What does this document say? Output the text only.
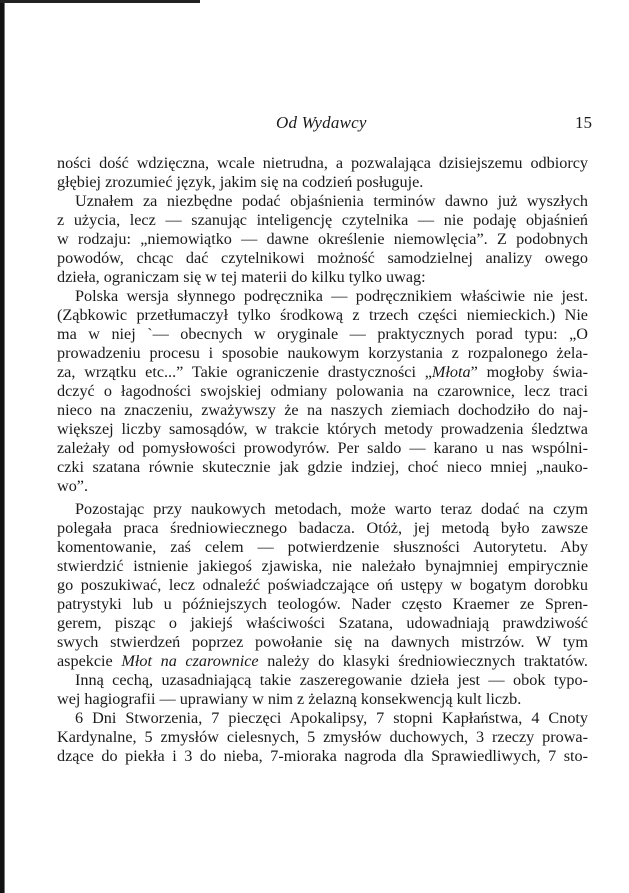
Od Wydawcy	15
ności dość wdzięczna, wcale nietrudna, a pozwalająca dzisiejszemu odbiorcy
głębiej zrozumieć język, jakim się na codzień posługuje.
Uznałem za niezbędne podać objaśnienia terminów dawno już wyszłych
z użycia, lecz — szanując inteligencję czytelnika — nie podaję objaśnień
w rodzaju: „niemowiątko — dawne określenie niemowlęcia”. Z podobnych
powodów, chcąc dać czytelnikowi możność samodzielnej analizy owego
dzieła, ograniczam się w tej materii do kilku tylko uwag:
Polska wersja słynnego podręcznika — podręcznikiem właściwie nie jest.
(Ząbkowic przetłumaczył tylko środkową z trzech części niemieckich.) Nie
ma w niej `— obecnych w oryginale — praktycznych porad typu: „O
prowadzeniu procesu i sposobie naukowym korzystania z rozpalonego żela-
za, wrzątku etc...” Takie ograniczenie drastyczności „Młota” mogłoby świa-
dczyć o łagodności swojskiej odmiany polowania na czarownice, lecz traci
nieco na znaczeniu, zważywszy że na naszych ziemiach dochodziło do naj-
większej liczby samosądów, w trakcie których metody prowadzenia śledztwa
zależały od pomysłowości prowodyrów. Per saldo — karano u nas wspólni-
czki szatana równie skutecznie jak gdzie indziej, choć nieco mniej „nauko-
wo”.
Pozostając przy naukowych metodach, może warto teraz dodać na czym
polegała praca średniowiecznego badacza. Otóż, jej metodą było zawsze
komentowanie, zaś celem — potwierdzenie słuszności Autorytetu. Aby
stwierdzić istnienie jakiegoś zjawiska, nie należało bynajmniej empirycznie
go poszukiwać, lecz odnaleźć poświadczające oń ustępy w bogatym dorobku
patrystyki lub u późniejszych teologów. Nader często Kraemer ze Spren-
gerem, pisząc o jakiejś właściwości Szatana, udowadniają prawdziwość
swych stwierdzeń poprzez powołanie się na dawnych mistrzów. W tym
aspekcie Młot na czarownice należy do klasyki średniowiecznych traktatów.
Inną cechą, uzasadniającą takie zaszeregowanie dzieła jest — obok typo-
wej hagiografii — uprawiany w nim z żelazną konsekwencją kult liczb.
6 Dni Stworzenia, 7 pieczęci Apokalipsy, 7 stopni Kapłaństwa, 4 Cnoty
Kardynalne, 5 zmysłów cielesnych, 5 zmysłów duchowych, 3 rzeczy prowa-
dzące do piekła i 3 do nieba, 7-mioraka nagroda dla Sprawiedliwych, 7 sto-
